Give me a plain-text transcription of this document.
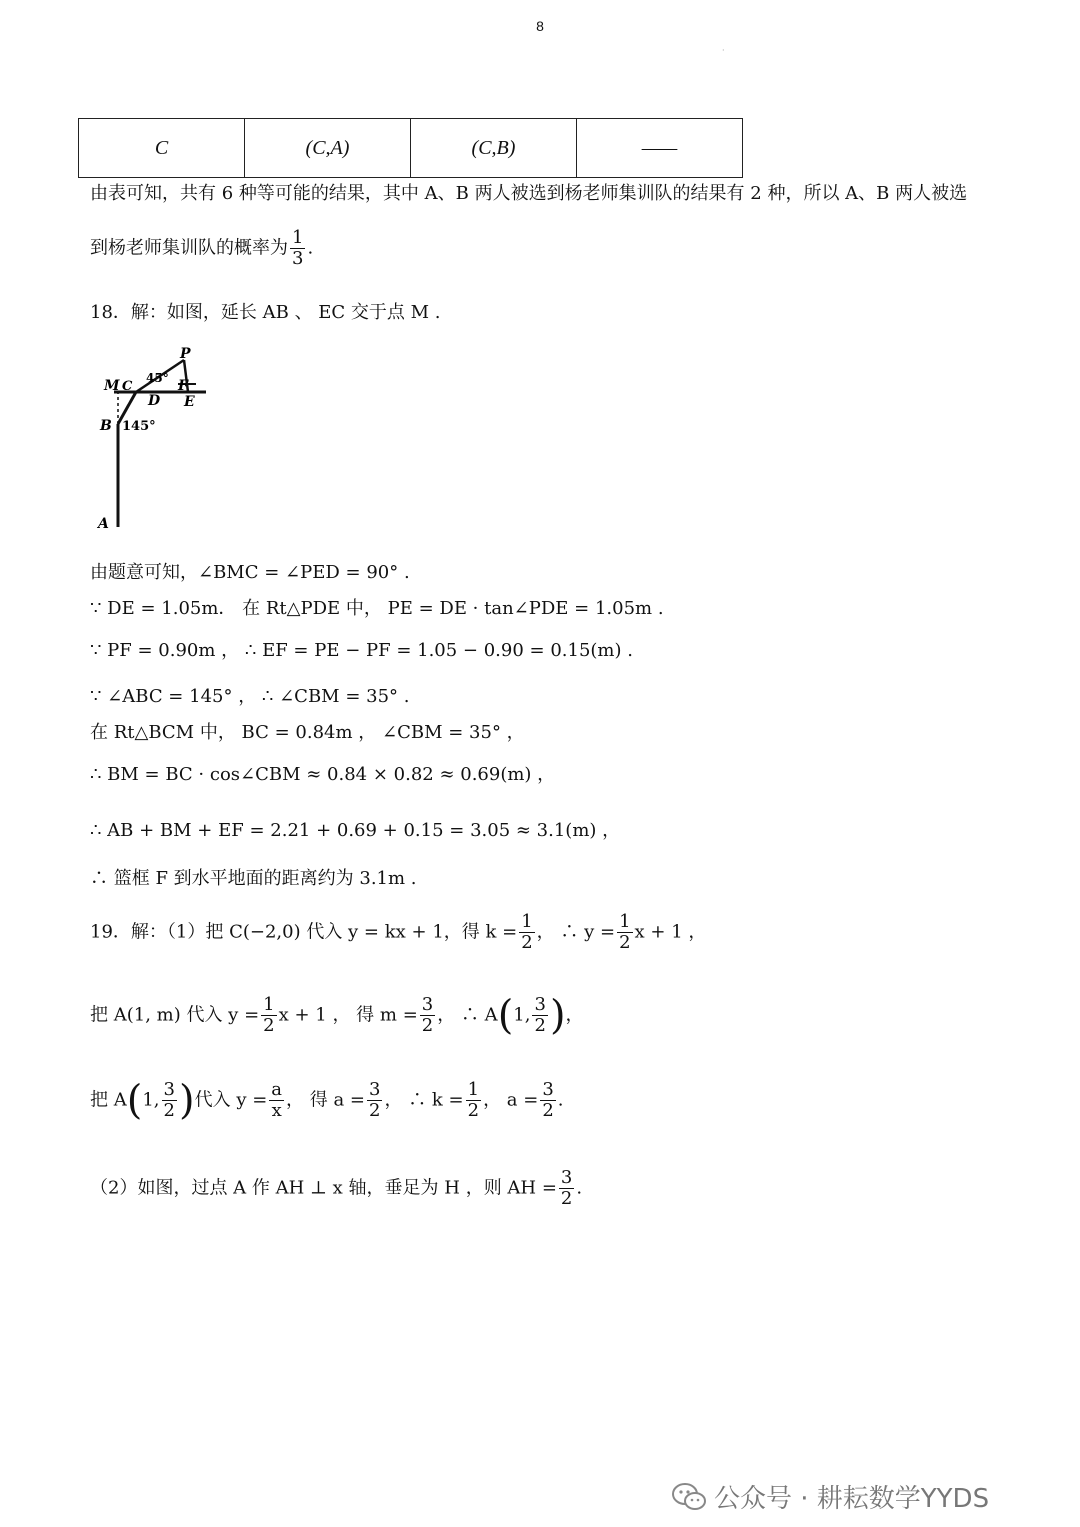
8
·
C	(C,A)	(C,B)	——
由表可知，共有 6 种等可能的结果，其中 A、B 两人被选到杨老师集训队的结果有 2 种，所以 A、B 两人被选
到杨老师集训队的概率为 $\frac{1}{3}$ .
18．解：如图，延长 AB 、 EC 交于点 M .
P
M C
45°
D
F
E
B 145°
A
由题意可知，∠BMC = ∠PED = 90° .
∵ DE = 1.05m． 在 Rt△PDE 中， PE = DE · tan∠PDE = 1.05m .
∵ PF = 0.90m ， ∴ EF = PE − PF = 1.05 − 0.90 = 0.15(m) .
∵ ∠ABC = 145° ， ∴ ∠CBM = 35° .
在 Rt△BCM 中， BC = 0.84m ， ∠CBM = 35° ，
∴ BM = BC · cos∠CBM ≈ 0.84 × 0.82 ≈ 0.69(m) ，
∴ AB + BM + EF = 2.21 + 0.69 + 0.15 = 3.05 ≈ 3.1(m) ，
∴ 篮框 F 到水平地面的距离约为 3.1m .
19．解：（1）把 C(−2,0) 代入 y = kx + 1，得 $k = \frac{1}{2}$ ， ∴ $y = \frac{1}{2}$ x + 1 ，
把 A(1, m) 代入 $y = \frac{1}{2}$ x + 1 ， 得 $m = \frac{3}{2}$ ， ∴ A(1, $\frac{3}{2}$ )，
把 A(1, $\frac{3}{2}$ )代入 $y = \frac{a}{x}$ ， 得 $a = \frac{3}{2}$ ， ∴ $k = \frac{1}{2}$ ， $a = \frac{3}{2}$ .
（2）如图，过点 A 作 AH ⊥ x 轴，垂足为 H ，则 AH = $\frac{3}{2}$ .
公众号 · 耕耘数学YYDS
